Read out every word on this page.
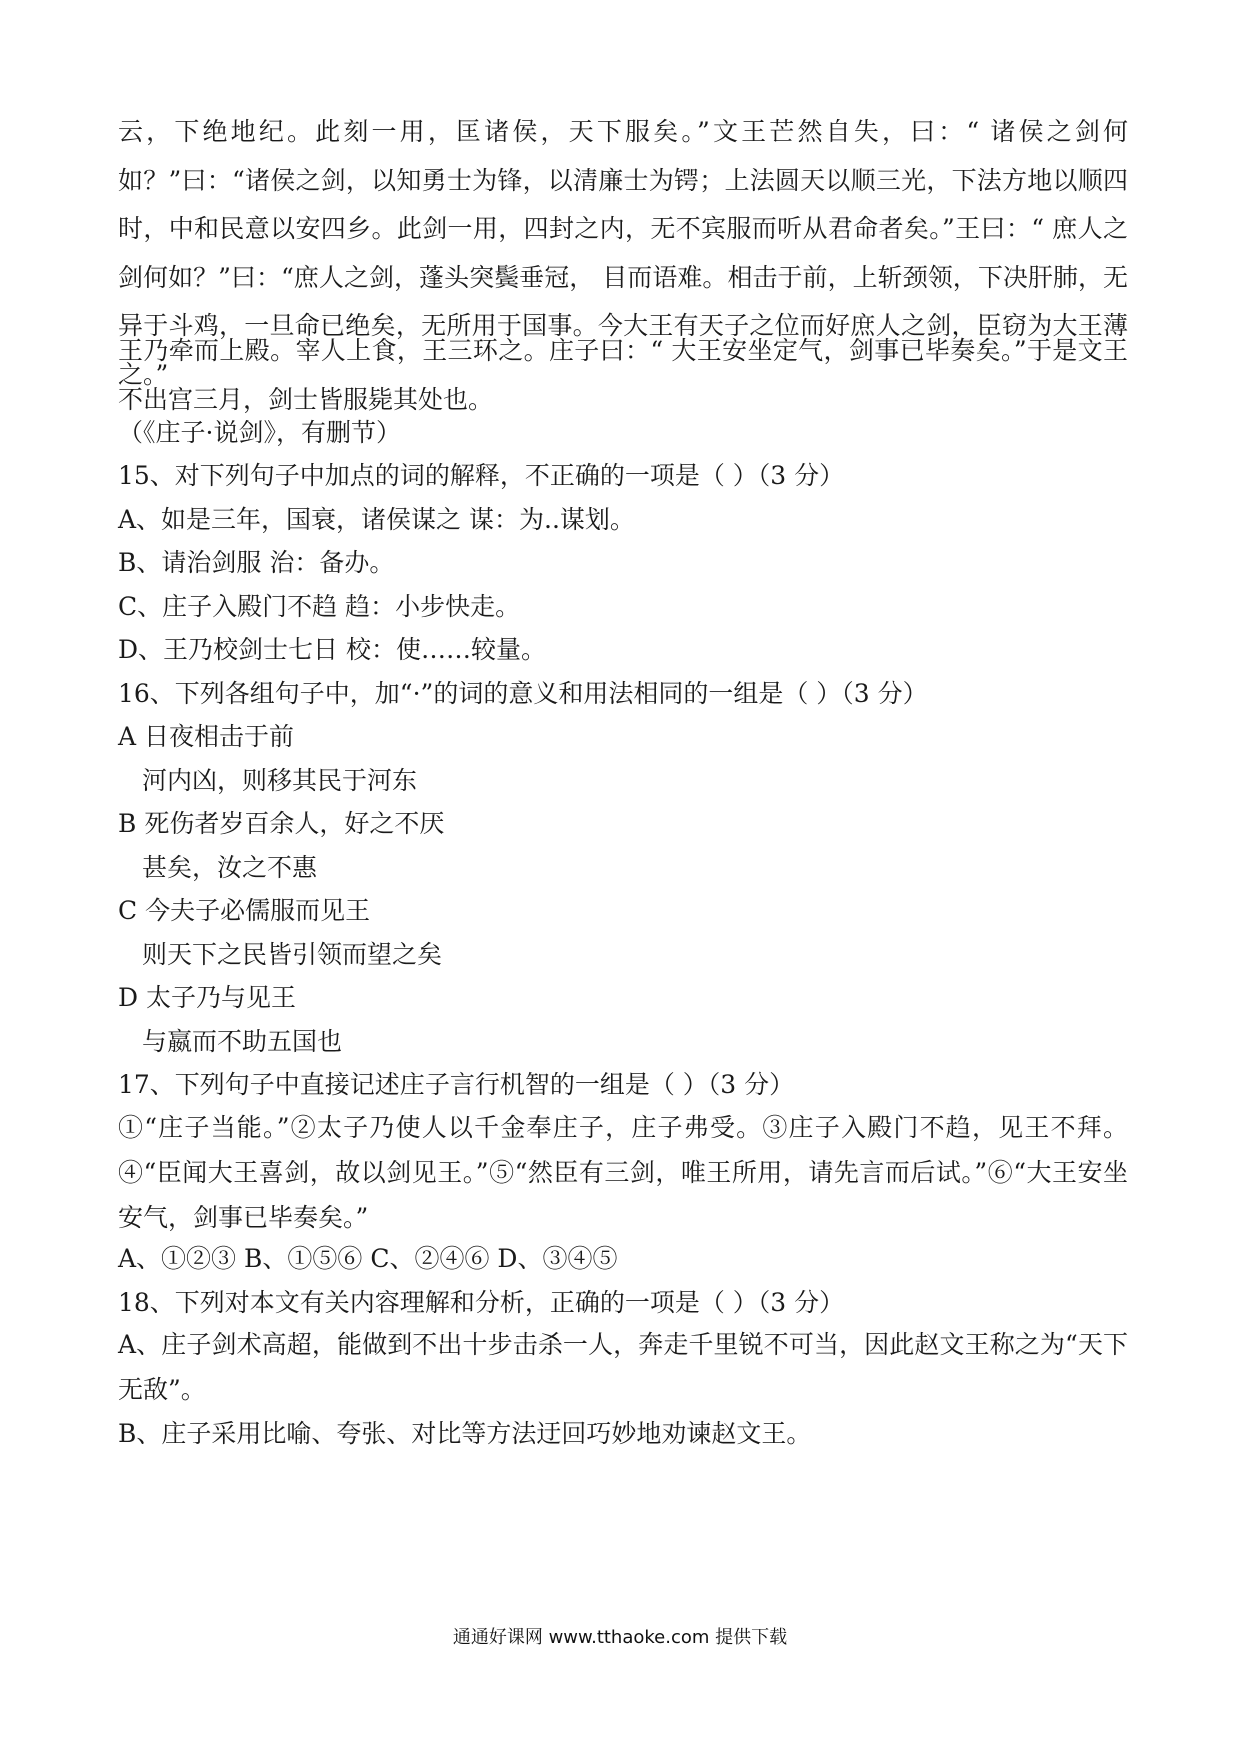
云，下绝地纪。此刻一用，匡诸侯，天下服矣。”文王芒然自失，曰：“ 诸侯之剑何如？”曰：“诸侯之剑，以知勇士为锋，以清廉士为锷；上法圆天以顺三光，下法方地以顺四时，中和民意以安四乡。此剑一用，四封之内，无不宾服而听从君命者矣。”王曰：“ 庶人之剑何如？”曰：“庶人之剑，蓬头突鬓垂冠， 目而语难。相击于前，上斩颈领，下决肝肺，无异于斗鸡，一旦命已绝矣，无所用于国事。今大王有天子之位而好庶人之剑，臣窃为大王薄之。”

王乃牵而上殿。宰人上食，王三环之。庄子曰：“ 大王安坐定气，剑事已毕奏矣。”于是文王不出宫三月，剑士皆服毙其处也。

（《庄子·说剑》，有删节）

15、对下列句子中加点的词的解释，不正确的一项是（ ）（3 分）

A、如是三年，国衰，诸侯谋之 谋：为..谋划。

B、请治剑服 治：备办。

C、庄子入殿门不趋 趋：小步快走。

D、王乃校剑士七日 校：使……较量。

16、下列各组句子中，加“·”的词的意义和用法相同的一组是（ ）（3 分）

A 日夜相击于前

河内凶，则移其民于河东

B 死伤者岁百余人，好之不厌

甚矣，汝之不惠

C 今夫子必儒服而见王

则天下之民皆引领而望之矣

D 太子乃与见王

与嬴而不助五国也

17、下列句子中直接记述庄子言行机智的一组是（ ）（3 分）

①“庄子当能。”②太子乃使人以千金奉庄子，庄子弗受。③庄子入殿门不趋，见王不拜。④“臣闻大王喜剑，故以剑见王。”⑤“然臣有三剑，唯王所用，请先言而后试。”⑥“大王安坐安气，剑事已毕奏矣。”

A、①②③ B、①⑤⑥ C、②④⑥ D、③④⑤

18、下列对本文有关内容理解和分析，正确的一项是（ ）（3 分）

A、庄子剑术高超，能做到不出十步击杀一人，奔走千里锐不可当，因此赵文王称之为“天下无敌”。

B、庄子采用比喻、夸张、对比等方法迂回巧妙地劝谏赵文王。

通通好课网 www.tthaoke.com 提供下载
